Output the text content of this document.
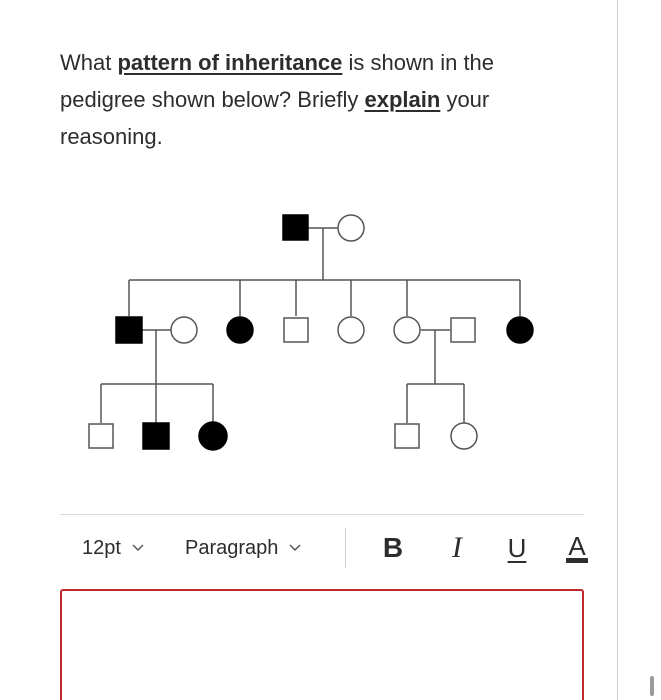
What pattern of inheritance is shown in the pedigree shown below? Briefly explain your reasoning.
12pt	Paragraph	B I U A
